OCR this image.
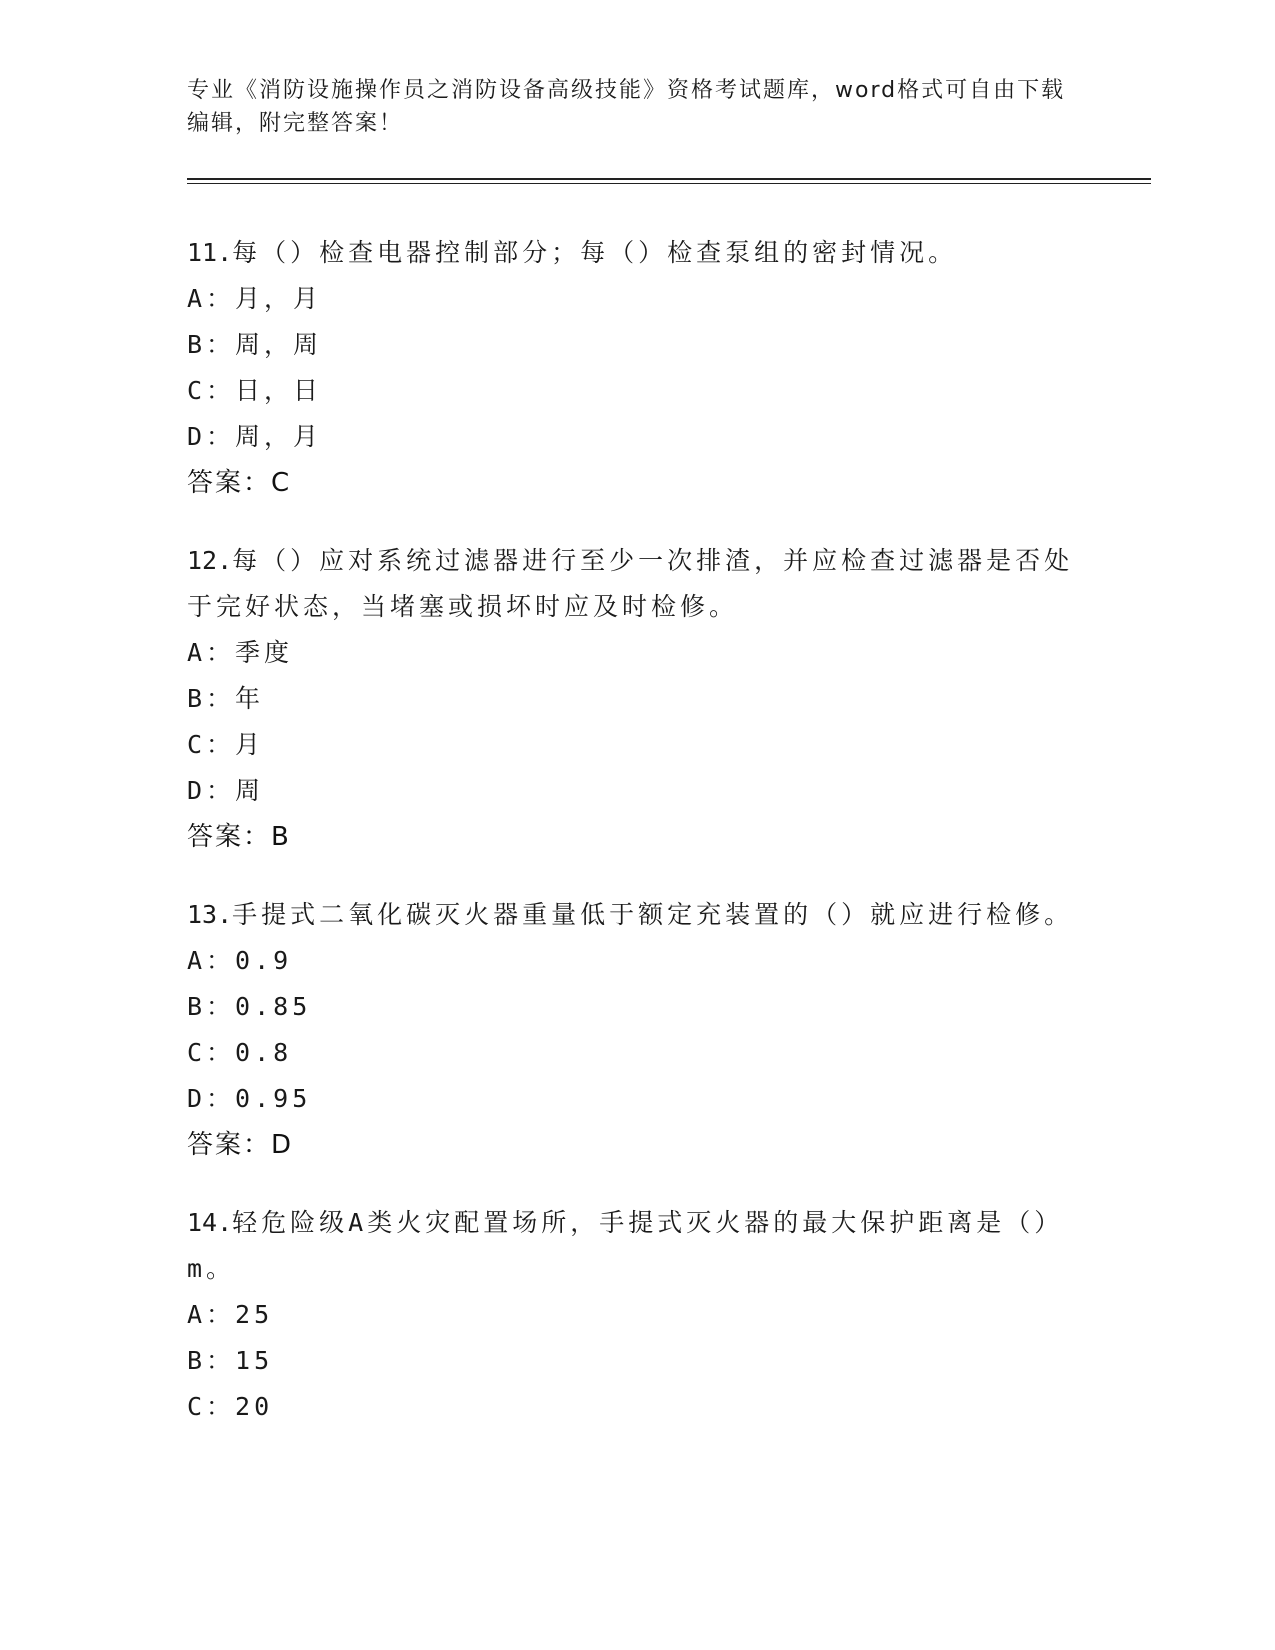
专业《消防设施操作员之消防设备高级技能》资格考试题库，word格式可自由下载编辑，附完整答案！

11.每（）检查电器控制部分；每（）检查泵组的密封情况。

A：月，月

B：周，周

C：日，日

D：周，月

答案：C

12.每（）应对系统过滤器进行至少一次排渣，并应检查过滤器是否处于完好状态，当堵塞或损坏时应及时检修。

A：季度

B：年

C：月

D：周

答案：B

13.手提式二氧化碳灭火器重量低于额定充装置的（）就应进行检修。

A：0.9

B：0.85

C：0.8

D：0.95

答案：D

14.轻危险级A类火灾配置场所，手提式灭火器的最大保护距离是（）m。

A：25

B：15

C：20
